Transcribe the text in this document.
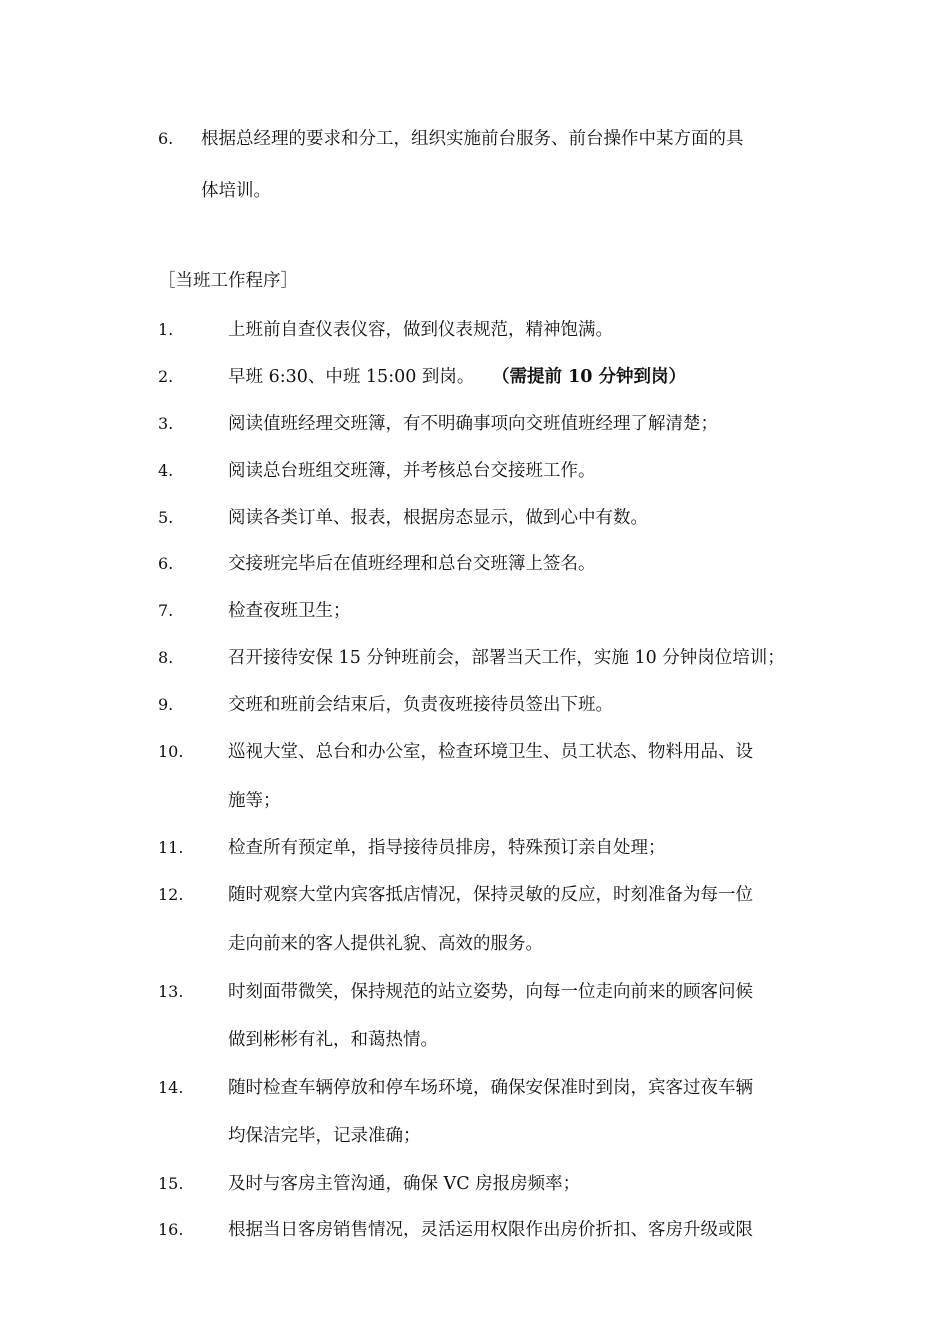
6. 根据总经理的要求和分工，组织实施前台服务、前台操作中某方面的具
体培训。
［当班工作程序］
1.	上班前自查仪表仪容，做到仪表规范，精神饱满。
2.	早班 6:30、中班 15:00 到岗。 （需提前 10 分钟到岗）
3.	阅读值班经理交班簿，有不明确事项向交班值班经理了解清楚；
4.	阅读总台班组交班簿，并考核总台交接班工作。
5.	阅读各类订单、报表，根据房态显示，做到心中有数。
6.	交接班完毕后在值班经理和总台交班簿上签名。
7.	检查夜班卫生；
8.	召开接待安保 15 分钟班前会，部署当天工作，实施 10 分钟岗位培训；
9.	交班和班前会结束后，负责夜班接待员签出下班。
10.	巡视大堂、总台和办公室，检查环境卫生、员工状态、物料用品、设
施等；
11.	检查所有预定单，指导接待员排房，特殊预订亲自处理；
12.	随时观察大堂内宾客抵店情况，保持灵敏的反应，时刻准备为每一位
走向前来的客人提供礼貌、高效的服务。
13.	时刻面带微笑，保持规范的站立姿势，向每一位走向前来的顾客问候
做到彬彬有礼，和蔼热情。
14.	随时检查车辆停放和停车场环境，确保安保准时到岗，宾客过夜车辆
均保洁完毕，记录准确；
15.	及时与客房主管沟通，确保 VC 房报房频率；
16.	根据当日客房销售情况，灵活运用权限作出房价折扣、客房升级或限
